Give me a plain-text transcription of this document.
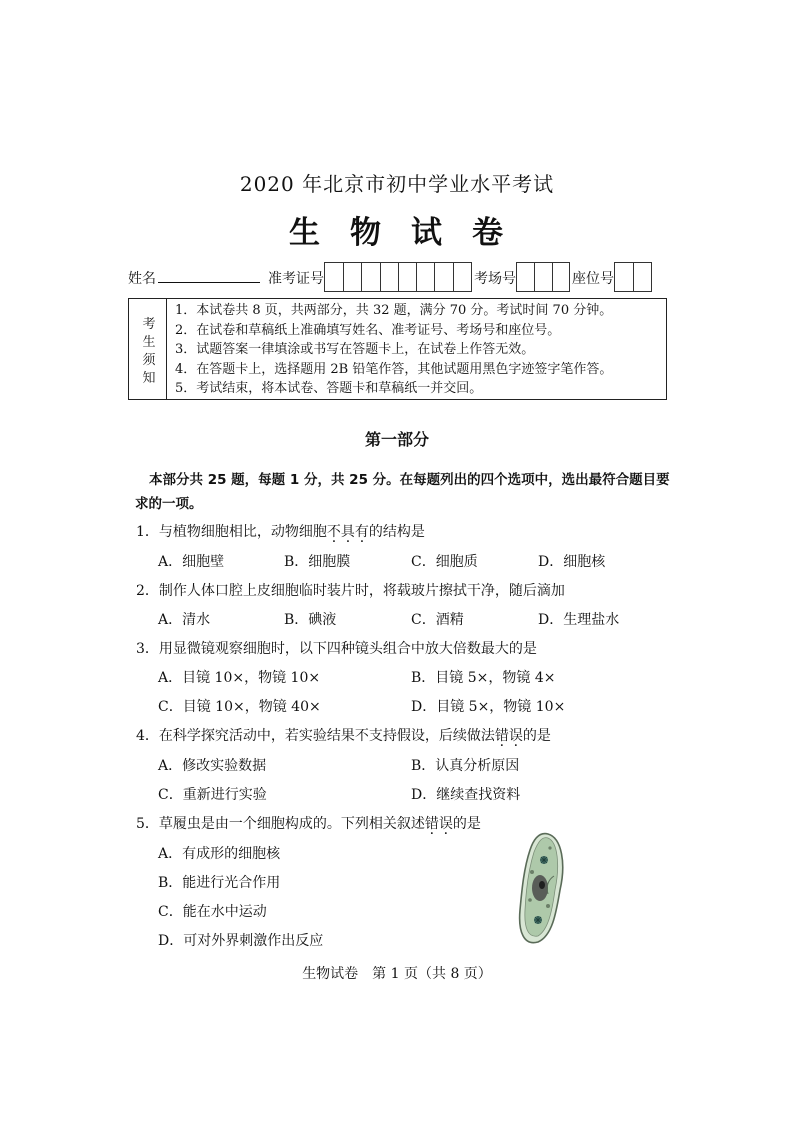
2020 年北京市初中学业水平考试
生 物 试 卷
姓名	准考证号	考场号	座位号
考
生
须
知
1．本试卷共 8 页，共两部分，共 32 题，满分 70 分。考试时间 70 分钟。
2．在试卷和草稿纸上准确填写姓名、准考证号、考场号和座位号。
3．试题答案一律填涂或书写在答题卡上，在试卷上作答无效。
4．在答题卡上，选择题用 2B 铅笔作答，其他试题用黑色字迹签字笔作答。
5．考试结束，将本试卷、答题卡和草稿纸一并交回。
第一部分
本部分共 25 题，每题 1 分，共 25 分。在每题列出的四个选项中，选出最符合题目要求的一项。
1．与植物细胞相比，动物细胞不具有的结构是
A．细胞壁	B．细胞膜	C．细胞质	D．细胞核
2．制作人体口腔上皮细胞临时装片时，将载玻片擦拭干净，随后滴加
A．清水	B．碘液	C．酒精	D．生理盐水
3．用显微镜观察细胞时，以下四种镜头组合中放大倍数最大的是
A．目镜 10×，物镜 10×	B．目镜 5×，物镜 4×
C．目镜 10×，物镜 40×	D．目镜 5×，物镜 10×
4．在科学探究活动中，若实验结果不支持假设，后续做法错误的是
A．修改实验数据	B．认真分析原因
C．重新进行实验	D．继续查找资料
5．草履虫是由一个细胞构成的。下列相关叙述错误的是
A．有成形的细胞核
B．能进行光合作用
C．能在水中运动
D．可对外界刺激作出反应
生物试卷　第 1 页（共 8 页）
